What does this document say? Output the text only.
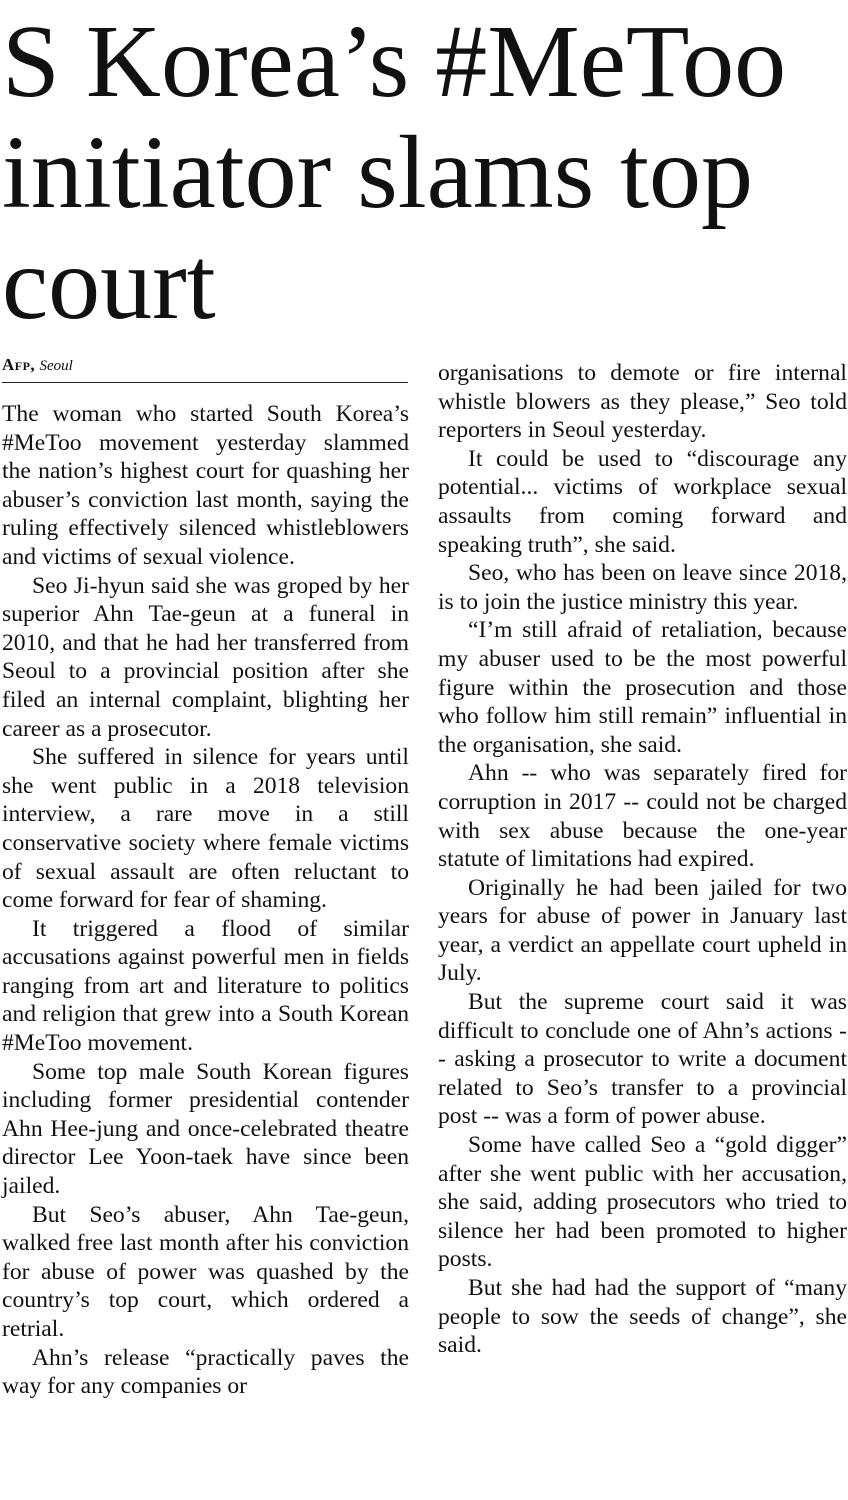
S Korea’s #MeToo initiator slams top court
Afp, Seoul

The woman who started South Korea’s #MeToo movement yesterday slammed the nation’s highest court for quashing her abuser’s conviction last month, saying the ruling effectively silenced whistleblowers and victims of sexual violence.

Seo Ji-hyun said she was groped by her superior Ahn Tae-geun at a funeral in 2010, and that he had her transferred from Seoul to a provincial position after she filed an internal complaint, blighting her career as a prosecutor.

She suffered in silence for years until she went public in a 2018 television interview, a rare move in a still conservative society where female victims of sexual assault are often reluctant to come forward for fear of shaming.

It triggered a flood of similar accusations against powerful men in fields ranging from art and literature to politics and religion that grew into a South Korean #MeToo movement.

Some top male South Korean figures including former presidential contender Ahn Hee-jung and once-celebrated theatre director Lee Yoon-taek have since been jailed.

But Seo’s abuser, Ahn Tae-geun, walked free last month after his conviction for abuse of power was quashed by the country’s top court, which ordered a retrial.

Ahn’s release “practically paves the way for any companies or

organisations to demote or fire internal whistle blowers as they please,” Seo told reporters in Seoul yesterday.

It could be used to “discourage any potential... victims of workplace sexual assaults from coming forward and speaking truth”, she said.

Seo, who has been on leave since 2018, is to join the justice ministry this year.

“I’m still afraid of retaliation, because my abuser used to be the most powerful figure within the prosecution and those who follow him still remain” influential in the organisation, she said.

Ahn -- who was separately fired for corruption in 2017 -- could not be charged with sex abuse because the one-year statute of limitations had expired.

Originally he had been jailed for two years for abuse of power in January last year, a verdict an appellate court upheld in July.

But the supreme court said it was difficult to conclude one of Ahn’s actions -- asking a prosecutor to write a document related to Seo’s transfer to a provincial post -- was a form of power abuse.

Some have called Seo a “gold digger” after she went public with her accusation, she said, adding prosecutors who tried to silence her had been promoted to higher posts.

But she had had the support of “many people to sow the seeds of change”, she said.
